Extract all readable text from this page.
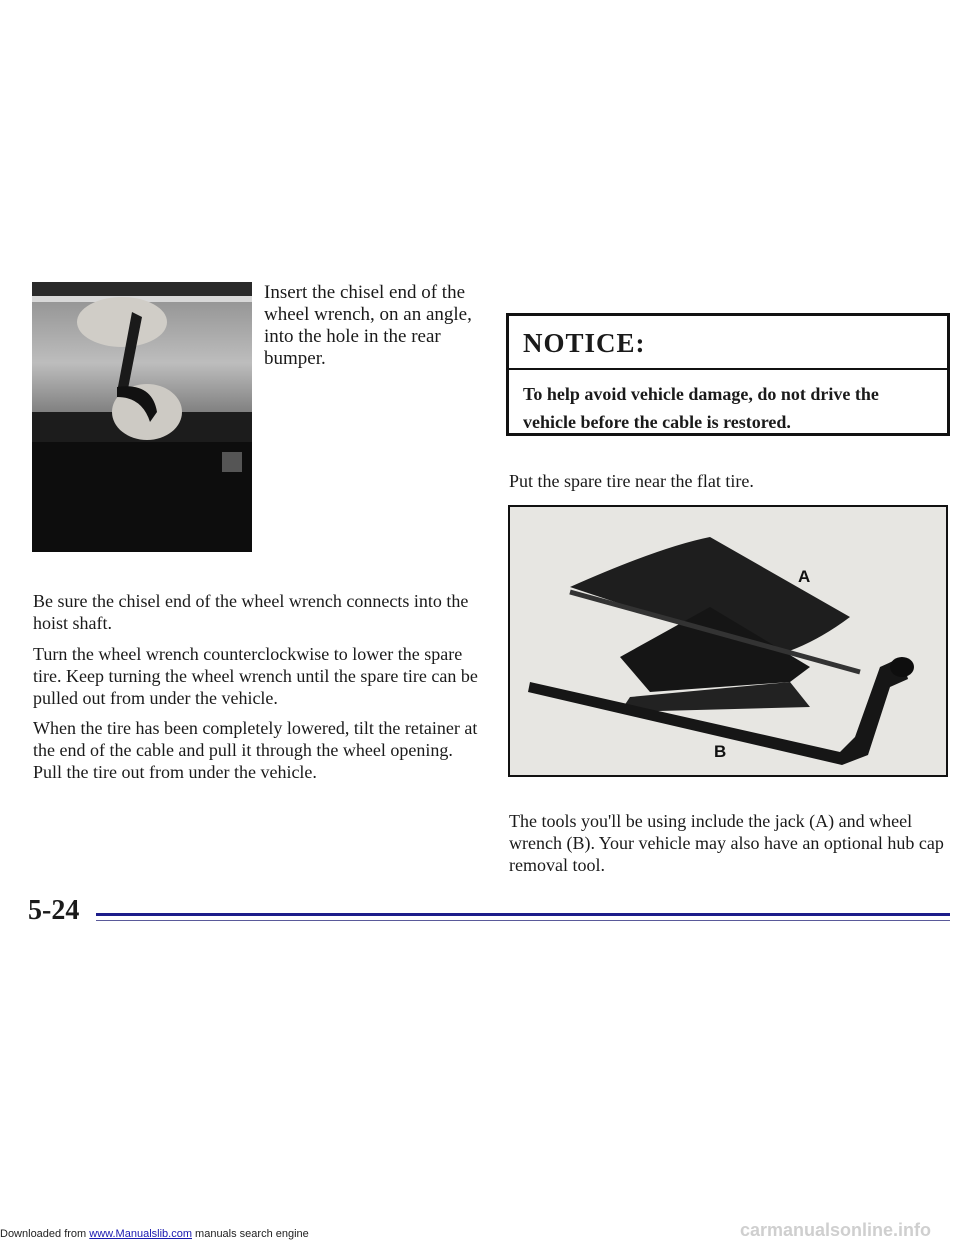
Insert the chisel end of the wheel wrench, on an angle, into the hole in the rear bumper.

Be sure the chisel end of the wheel wrench connects into the hoist shaft.

Turn the wheel wrench counterclockwise to lower the spare tire. Keep turning the wheel wrench until the spare tire can be pulled out from under the vehicle.

When the tire has been completely lowered, tilt the retainer at the end of the cable and pull it through the wheel opening. Pull the tire out from under the vehicle.

NOTICE:
To help avoid vehicle damage, do not drive the vehicle before the cable is restored.

Put the spare tire near the flat tire.

A
B

The tools you'll be using include the jack (A) and wheel wrench (B). Your vehicle may also have an optional hub cap removal tool.

5-24
Downloaded from www.Manualslib.com manuals search engine	carmanualsonline.info
